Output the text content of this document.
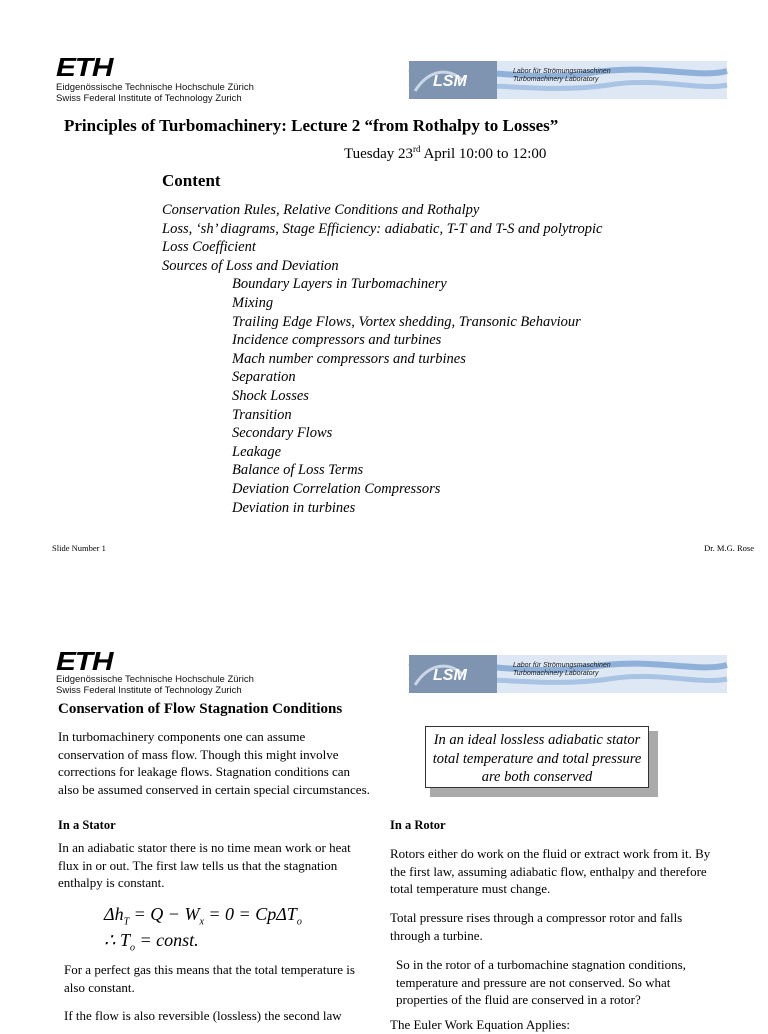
ETH
Eidgenössische Technische Hochschule Zürich
Swiss Federal Institute of Technology Zurich
LSM
Labor für Strömungsmaschinen
Turbomachinery Laboratory
Principles of Turbomachinery: Lecture 2 “from Rothalpy to Losses”
Tuesday 23rd April 10:00 to 12:00
Content
Conservation Rules, Relative Conditions and Rothalpy
Loss, ‘sh’ diagrams, Stage Efficiency: adiabatic, T-T and T-S and polytropic
Loss Coefficient
Sources of Loss and Deviation
Boundary Layers in Turbomachinery
Mixing
Trailing Edge Flows, Vortex shedding, Transonic Behaviour
Incidence compressors and turbines
Mach number compressors and turbines
Separation
Shock Losses
Transition
Secondary Flows
Leakage
Balance of Loss Terms
Deviation Correlation Compressors
Deviation in turbines
Slide Number 1	Dr. M.G. Rose
ETH
Eidgenössische Technische Hochschule Zürich
Swiss Federal Institute of Technology Zurich
LSM
Labor für Strömungsmaschinen
Turbomachinery Laboratory
Conservation of Flow Stagnation Conditions
In turbomachinery components one can assume conservation of mass flow. Though this might involve corrections for leakage flows. Stagnation conditions can also be assumed conserved in certain special circumstances.
In an ideal lossless adiabatic stator total temperature and total pressure are both conserved
In a Stator
In an adiabatic stator there is no time mean work or heat flux in or out. The first law tells us that the stagnation enthalpy is constant.
$\Delta h_T = Q - W_x = 0 = Cp\Delta T_o$
∴ $T_o$ = const.
For a perfect gas this means that the total temperature is also constant.
If the flow is also reversible (lossless) the second law
In a Rotor
Rotors either do work on the fluid or extract work from it. By the first law, assuming adiabatic flow, enthalpy and therefore total temperature must change.
Total pressure rises through a compressor rotor and falls through a turbine.
So in the rotor of a turbomachine stagnation conditions, temperature and pressure are not conserved. So what properties of the fluid are conserved in a rotor?
The Euler Work Equation Applies:
